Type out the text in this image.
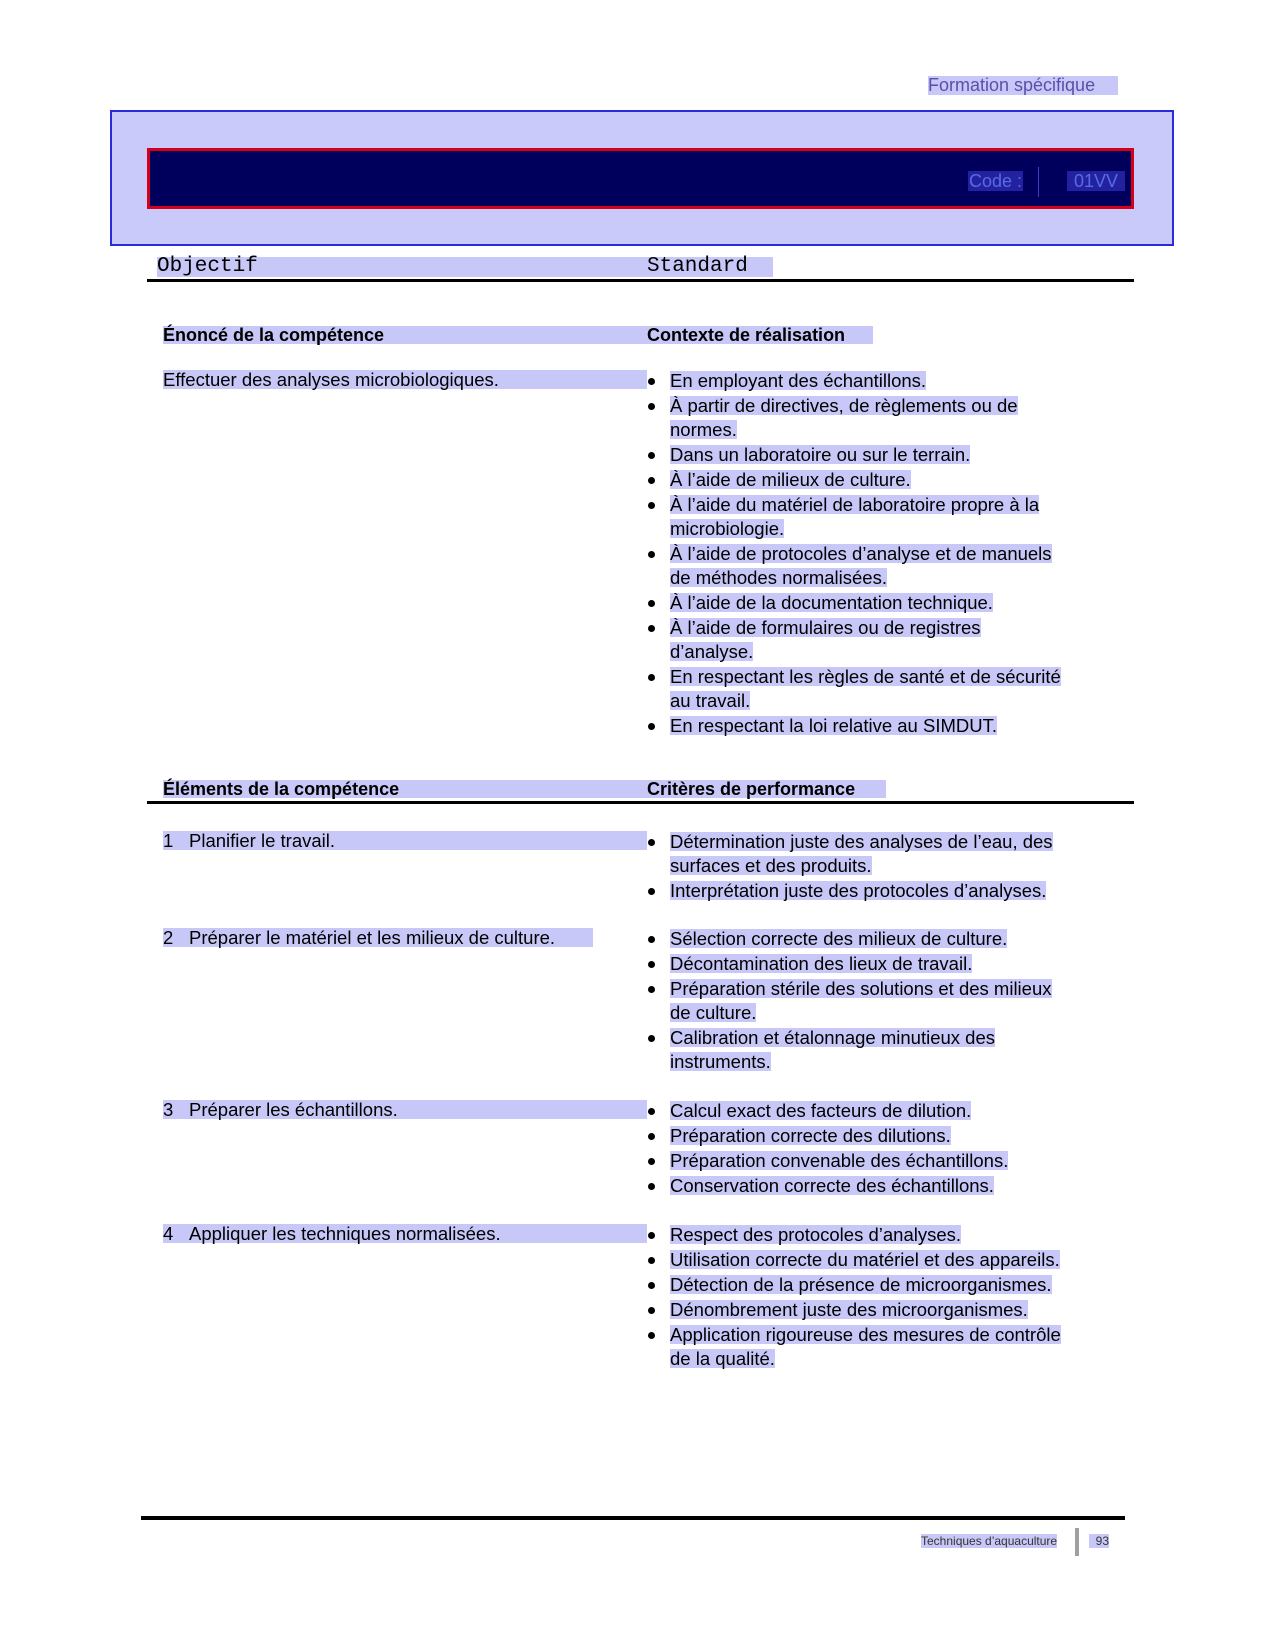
Formation spécifique
Code :	01VV
Objectif	Standard
Énoncé de la compétence	Contexte de réalisation
Effectuer des analyses microbiologiques.	En employant des échantillons.
À partir de directives, de règlements ou de
normes.
Dans un laboratoire ou sur le terrain.
À l’aide de milieux de culture.
À l’aide du matériel de laboratoire propre à la
microbiologie.
À l’aide de protocoles d’analyse et de manuels
de méthodes normalisées.
À l’aide de la documentation technique.
À l’aide de formulaires ou de registres
d’analyse.
En respectant les règles de santé et de sécurité
au travail.
En respectant la loi relative au SIMDUT.
Éléments de la compétence	Critères de performance
1 Planifier le travail.	Détermination juste des analyses de l’eau, des
surfaces et des produits.
Interprétation juste des protocoles d’analyses.
2 Préparer le matériel et les milieux de culture.	Sélection correcte des milieux de culture.
Décontamination des lieux de travail.
Préparation stérile des solutions et des milieux
de culture.
Calibration et étalonnage minutieux des
instruments.
3 Préparer les échantillons.	Calcul exact des facteurs de dilution.
Préparation correcte des dilutions.
Préparation convenable des échantillons.
Conservation correcte des échantillons.
4 Appliquer les techniques normalisées.	Respect des protocoles d’analyses.
Utilisation correcte du matériel et des appareils.
Détection de la présence de microorganismes.
Dénombrement juste des microorganismes.
Application rigoureuse des mesures de contrôle
de la qualité.
Techniques d’aquaculture	93
